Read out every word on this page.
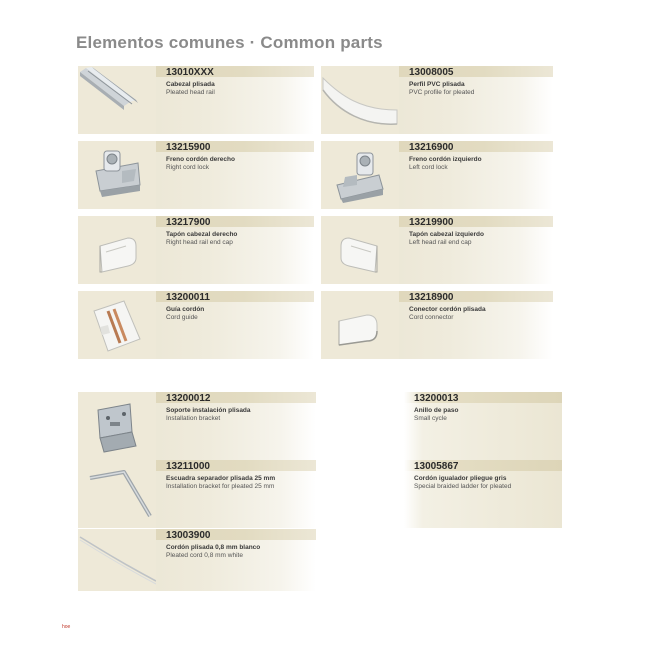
Elementos comunes · Common parts
13010XXX
Cabezal plisada
Pleated head rail
13008005
Perfil PVC plisada
PVC profile for pleated
13215900
Freno cordón derecho
Right cord lock
13216900
Freno cordón izquierdo
Left cord lock
13217900
Tapón cabezal derecho
Right head rail end cap
13219900
Tapón cabezal izquierdo
Left head rail end cap
13200011
Guía cordón
Cord guide
13218900
Conector cordón plisada
Cord connector
13200012
Soporte instalación plisada
Installation bracket
13200013
Anillo de paso
Small cycle
13211000
Escuadra separador plisada 25 mm
Installation bracket for pleated 25 mm
13005867
Cordón igualador pliegue gris
Special braided ladder for pleated
13003900
Cordón plisada 0,8 mm blanco
Pleated cord 0,8 mm white
hoe
